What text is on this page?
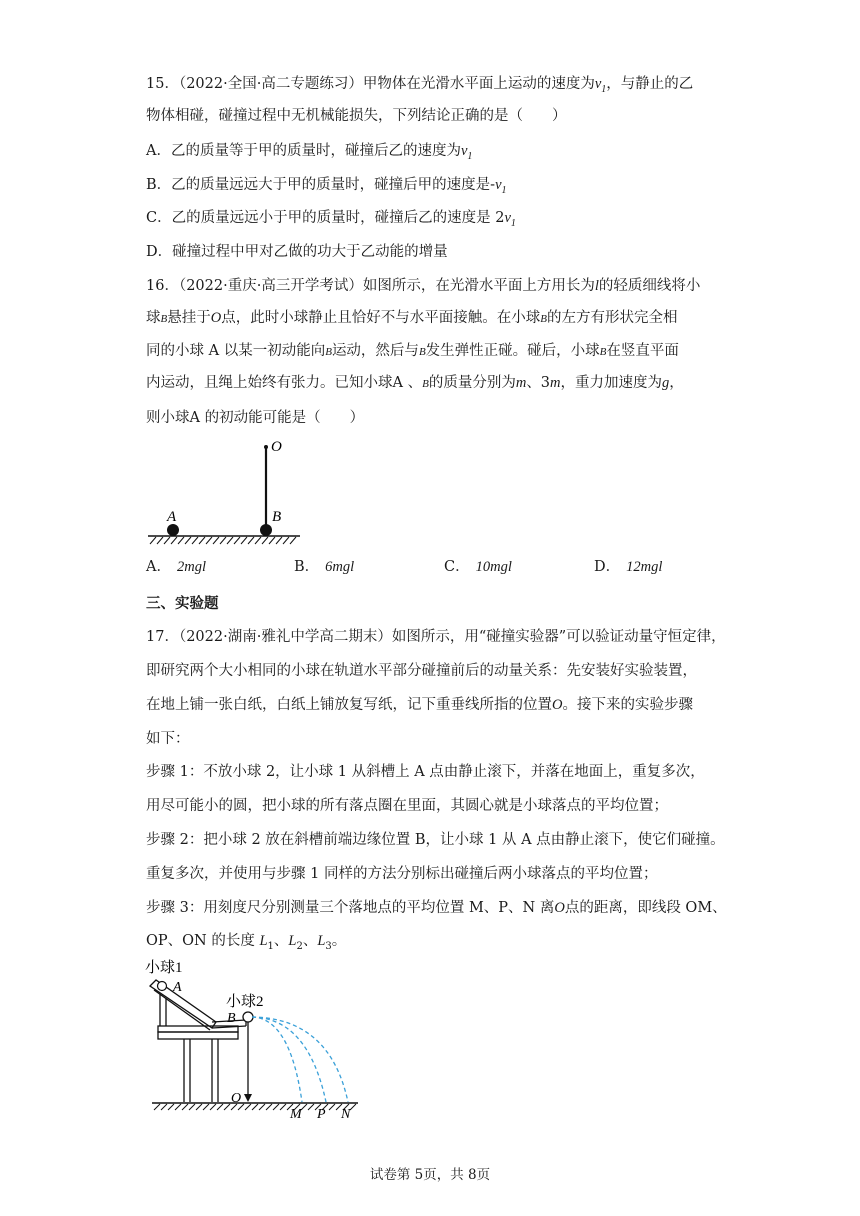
15．（2022·全国·高二专题练习）甲物体在光滑水平面上运动的速度为$v_1$，与静止的乙
物体相碰，碰撞过程中无机械能损失，下列结论正确的是（　　）
A．乙的质量等于甲的质量时，碰撞后乙的速度为$v_1$
B．乙的质量远远大于甲的质量时，碰撞后甲的速度是$-v_1$
C．乙的质量远远小于甲的质量时，碰撞后乙的速度是 $2v_1$
D．碰撞过程中甲对乙做的功大于乙动能的增量
16．（2022·重庆·高三开学考试）如图所示，在光滑水平面上方用长为l的轻质细线将小
球B悬挂于O点，此时小球静止且恰好不与水平面接触。在小球B的左方有形状完全相
同的小球 A 以某一初动能向B运动，然后与B发生弹性正碰。碰后，小球B在竖直平面
内运动，且绳上始终有张力。已知小球A 、B的质量分别为m、3m，重力加速度为g，
则小球A 的初动能可能是（　　）
O
A	B
A． 2mgl	B． 6mgl	C． 10mgl	D． 12mgl
三、实验题
17．（2022·湖南·雅礼中学高二期末）如图所示，用“碰撞实验器”可以验证动量守恒定律，
即研究两个大小相同的小球在轨道水平部分碰撞前后的动量关系：先安装好实验装置，
在地上铺一张白纸，白纸上铺放复写纸，记下重垂线所指的位置O。接下来的实验步骤
如下：
步骤 1：不放小球 2，让小球 1 从斜槽上 A 点由静止滚下，并落在地面上，重复多次，
用尽可能小的圆，把小球的所有落点圈在里面，其圆心就是小球落点的平均位置；
步骤 2：把小球 2 放在斜槽前端边缘位置 B，让小球 1 从 A 点由静止滚下，使它们碰撞。
重复多次，并使用与步骤 1 同样的方法分别标出碰撞后两小球落点的平均位置；
步骤 3：用刻度尺分别测量三个落地点的平均位置 M、P、N 离O点的距离，即线段 OM、
OP、ON 的长度 $L_1$、$L_2$、$L_3$。
小球1
A
小球2
B
O
M P N
试卷第 5页，共 8页
